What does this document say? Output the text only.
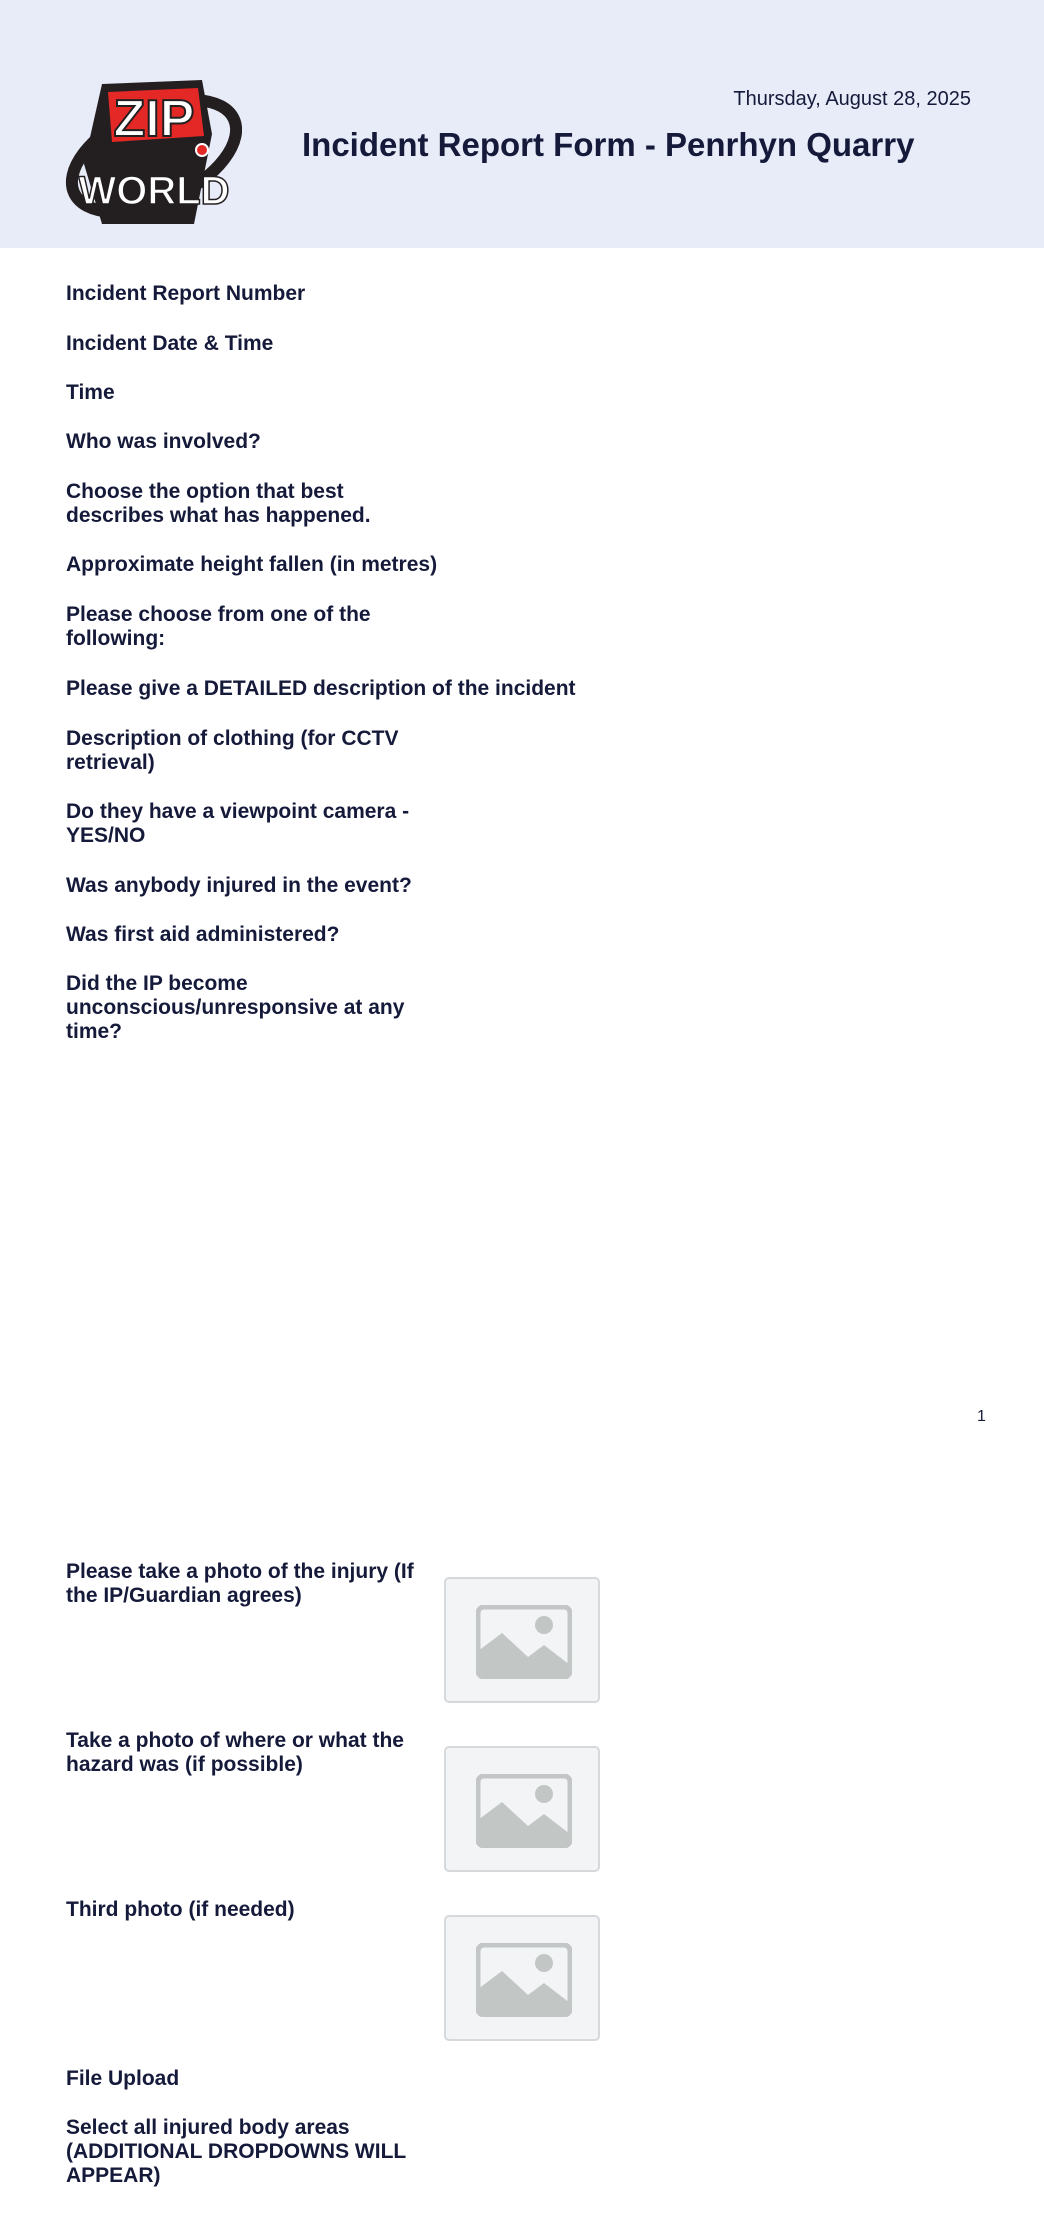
ZIP
WORLD
Thursday, August 28, 2025
Incident Report Form - Penrhyn Quarry
Incident Report Number
Incident Date & Time
Time
Who was involved?
Choose the option that best describes what has happened.
Approximate height fallen (in metres)
Please choose from one of the following:
Please give a DETAILED description of the incident
Description of clothing (for CCTV retrieval)
Do they have a viewpoint camera - YES/NO
Was anybody injured in the event?
Was first aid administered?
Did the IP become unconscious/unresponsive at any time?
1
Please take a photo of the injury (If the IP/Guardian agrees)
Take a photo of where or what the hazard was (if possible)
Third photo (if needed)
File Upload
Select all injured body areas (ADDITIONAL DROPDOWNS WILL APPEAR)
